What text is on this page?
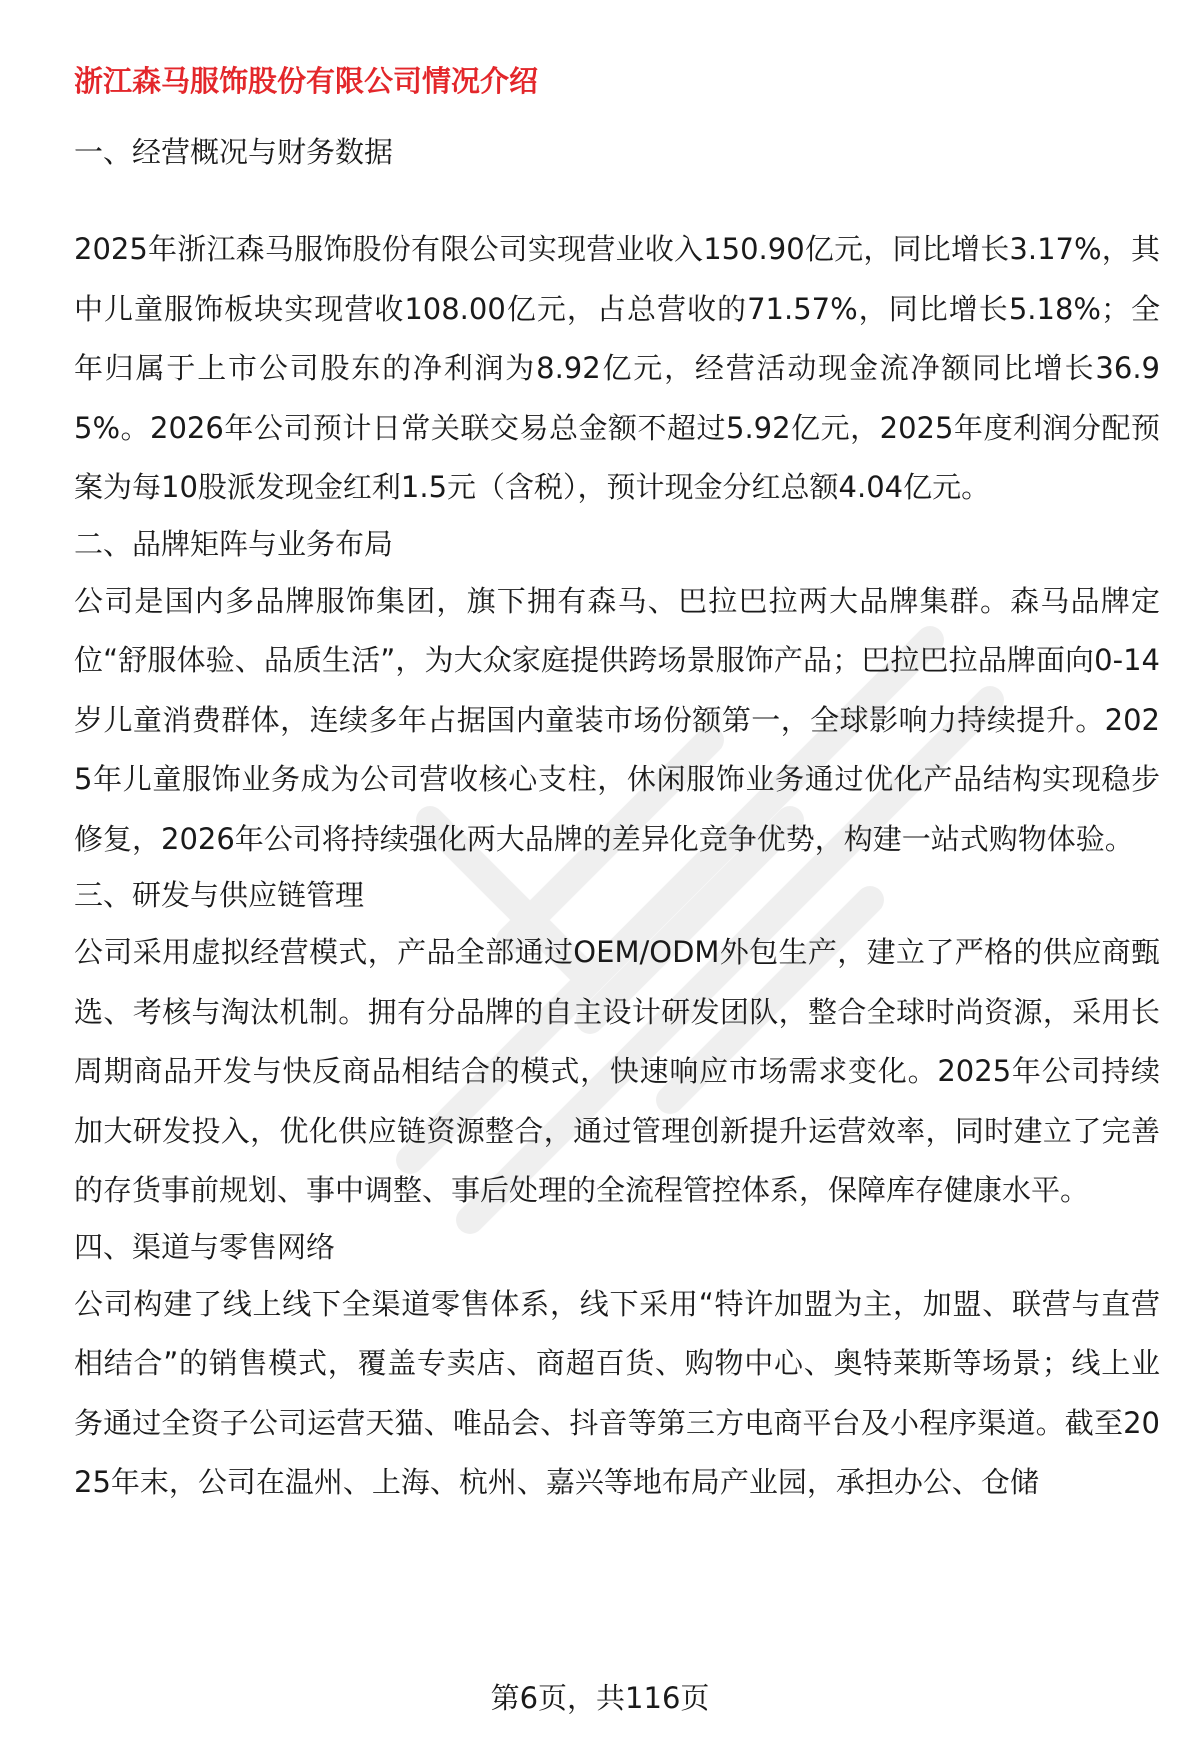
浙江森马服饰股份有限公司情况介绍
一、经营概况与财务数据

2025年浙江森马服饰股份有限公司实现营业收入150.90亿元，同比增长3.17%，其中儿童服饰板块实现营收108.00亿元，占总营收的71.57%，同比增长5.18%；全年归属于上市公司股东的净利润为8.92亿元，经营活动现金流净额同比增长36.95%。2026年公司预计日常关联交易总金额不超过5.92亿元，2025年度利润分配预案为每10股派发现金红利1.5元（含税），预计现金分红总额4.04亿元。

二、品牌矩阵与业务布局

公司是国内多品牌服饰集团，旗下拥有森马、巴拉巴拉两大品牌集群。森马品牌定位“舒服体验、品质生活”，为大众家庭提供跨场景服饰产品；巴拉巴拉品牌面向0-14岁儿童消费群体，连续多年占据国内童装市场份额第一，全球影响力持续提升。2025年儿童服饰业务成为公司营收核心支柱，休闲服饰业务通过优化产品结构实现稳步修复，2026年公司将持续强化两大品牌的差异化竞争优势，构建一站式购物体验。

三、研发与供应链管理

公司采用虚拟经营模式，产品全部通过OEM/ODM外包生产，建立了严格的供应商甄选、考核与淘汰机制。拥有分品牌的自主设计研发团队，整合全球时尚资源，采用长周期商品开发与快反商品相结合的模式，快速响应市场需求变化。2025年公司持续加大研发投入，优化供应链资源整合，通过管理创新提升运营效率，同时建立了完善的存货事前规划、事中调整、事后处理的全流程管控体系，保障库存健康水平。

四、渠道与零售网络

公司构建了线上线下全渠道零售体系，线下采用“特许加盟为主，加盟、联营与直营相结合”的销售模式，覆盖专卖店、商超百货、购物中心、奥特莱斯等场景；线上业务通过全资子公司运营天猫、唯品会、抖音等第三方电商平台及小程序渠道。截至2025年末，公司在温州、上海、杭州、嘉兴等地布局产业园，承担办公、仓储

第6页，共116页
